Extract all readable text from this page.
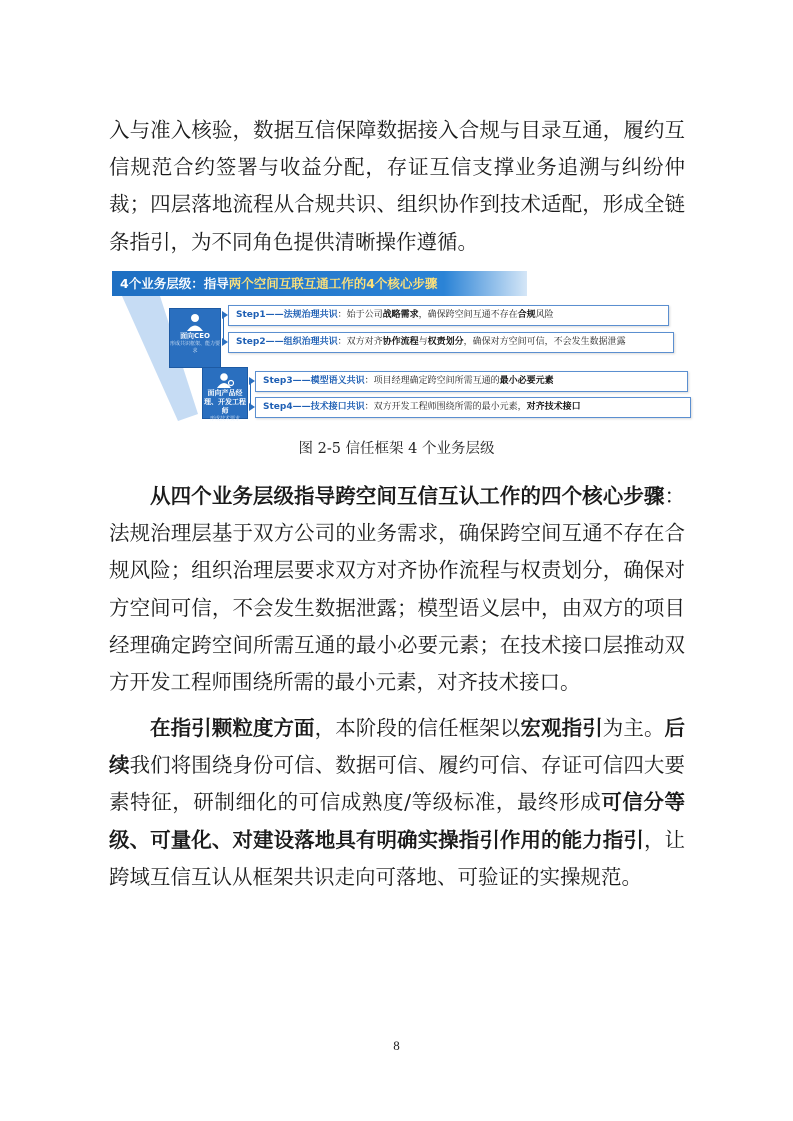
入与准入核验，数据互信保障数据接入合规与目录互通，履约互信规范合约签署与收益分配，存证互信支撑业务追溯与纠纷仲裁；四层落地流程从合规共识、组织协作到技术适配，形成全链条指引，为不同角色提供清晰操作遵循。

4个业务层级：指导两个空间互联互通工作的4个核心步骤
面向CEO
形成共识框架、能力要求
面向产品经理、开发工程师
形成技术要求
Step1——法规治理共识：始于公司战略需求，确保跨空间互通不存在合规风险
Step2——组织治理共识：双方对齐协作流程与权责划分，确保对方空间可信，不会发生数据泄露
Step3——模型语义共识：项目经理确定跨空间所需互通的最小必要元素
Step4——技术接口共识：双方开发工程师围绕所需的最小元素，对齐技术接口

图 2-5 信任框架 4 个业务层级

从四个业务层级指导跨空间互信互认工作的四个核心步骤：法规治理层基于双方公司的业务需求，确保跨空间互通不存在合规风险；组织治理层要求双方对齐协作流程与权责划分，确保对方空间可信，不会发生数据泄露；模型语义层中，由双方的项目经理确定跨空间所需互通的最小必要元素；在技术接口层推动双方开发工程师围绕所需的最小元素，对齐技术接口。

在指引颗粒度方面，本阶段的信任框架以宏观指引为主。后续我们将围绕身份可信、数据可信、履约可信、存证可信四大要素特征，研制细化的可信成熟度/等级标准，最终形成可信分等级、可量化、对建设落地具有明确实操指引作用的能力指引，让跨域互信互认从框架共识走向可落地、可验证的实操规范。

8
